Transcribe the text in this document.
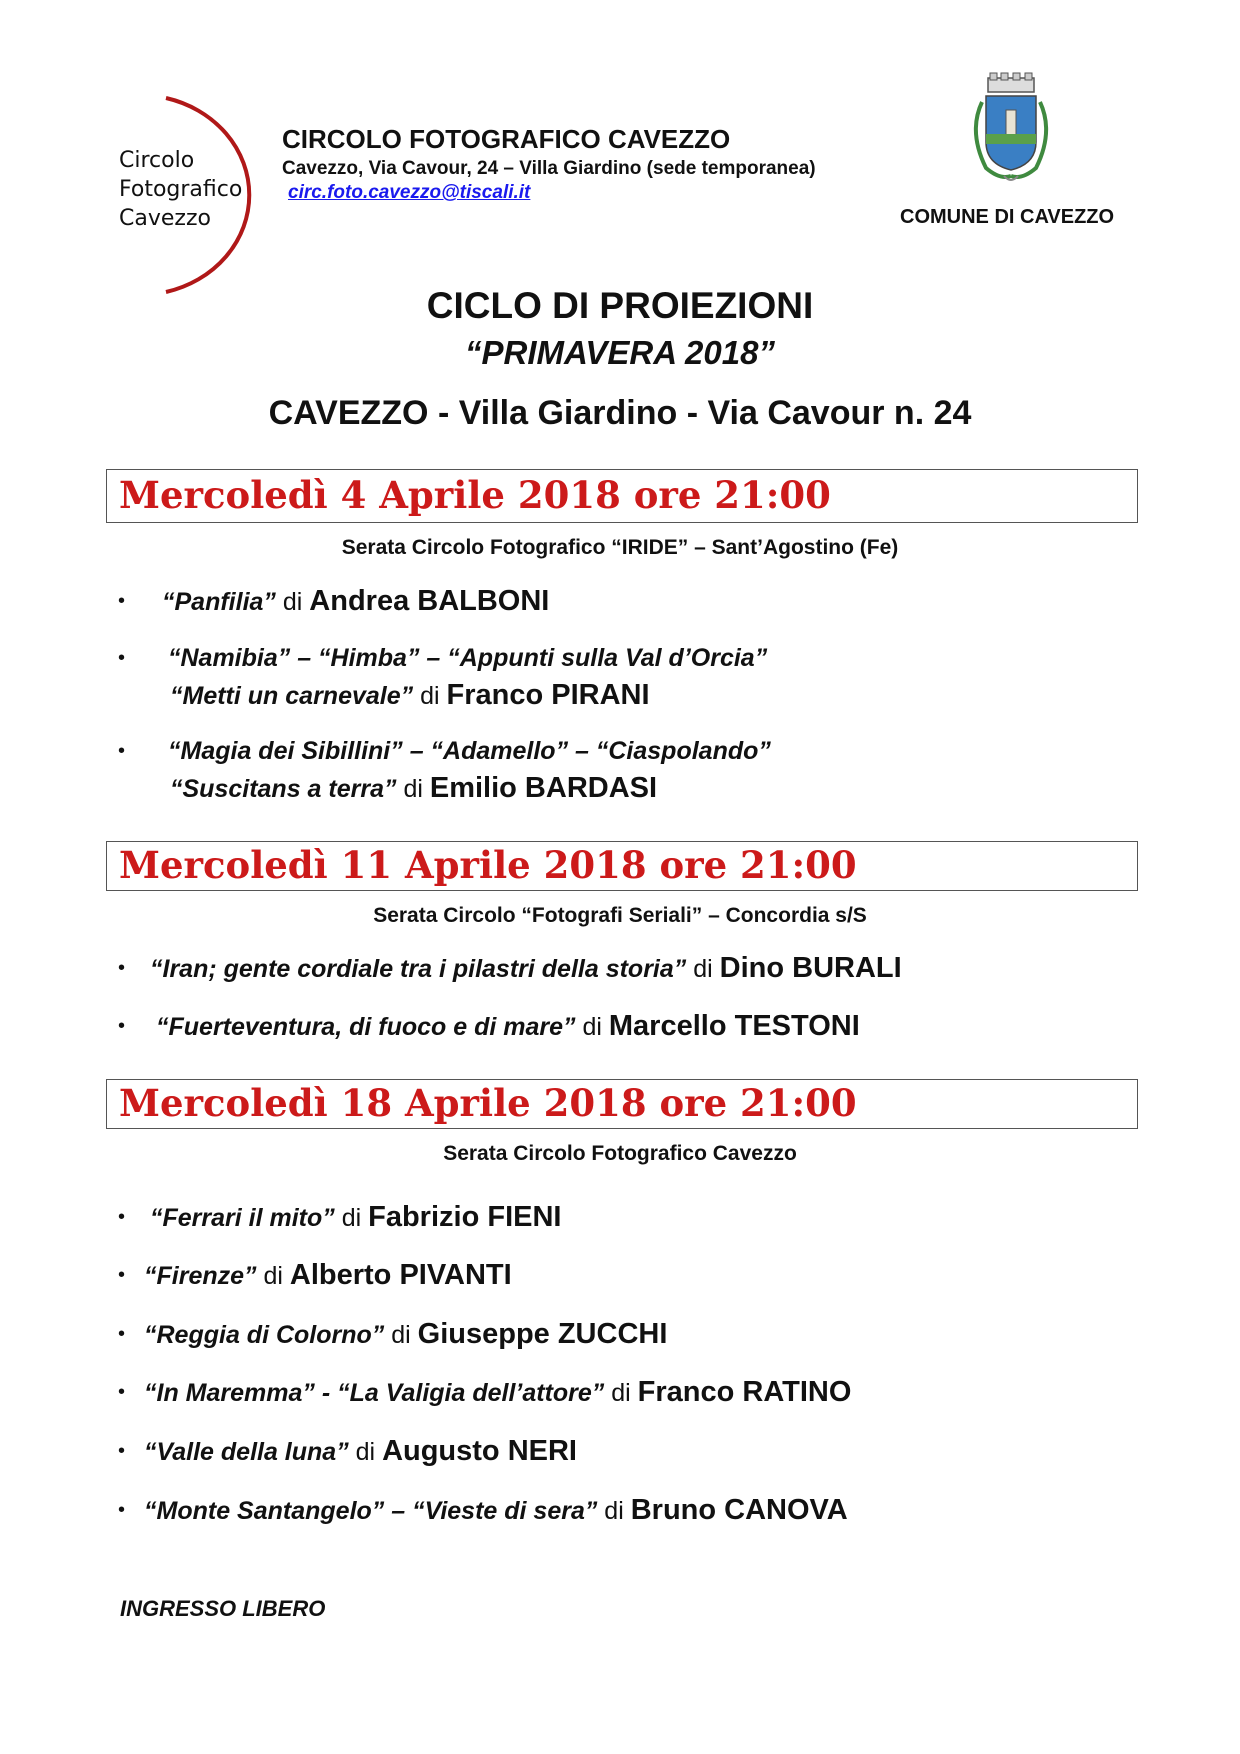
Circolo
Fotografico
Cavezzo
CIRCOLO FOTOGRAFICO CAVEZZO
Cavezzo, Via Cavour, 24 – Villa Giardino (sede temporanea)
circ.foto.cavezzo@tiscali.it
COMUNE DI CAVEZZO
CICLO DI PROIEZIONI
“PRIMAVERA 2018”
CAVEZZO - Villa Giardino - Via Cavour n. 24
Mercoledì 4 Aprile 2018 ore 21:00
Serata Circolo Fotografico “IRIDE” – Sant’Agostino (Fe)
•	“Panfilia” di Andrea BALBONI
•	“Namibia” – “Himba” – “Appunti sulla Val d’Orcia”
“Metti un carnevale” di Franco PIRANI
•	“Magia dei Sibillini” – “Adamello” – “Ciaspolando”
“Suscitans a terra” di Emilio BARDASI
Mercoledì 11 Aprile 2018 ore 21:00
Serata Circolo “Fotografi Seriali” – Concordia s/S
• “Iran; gente cordiale tra i pilastri della storia” di Dino BURALI
•	“Fuerteventura, di fuoco e di mare” di Marcello TESTONI
Mercoledì 18 Aprile 2018 ore 21:00
Serata Circolo Fotografico Cavezzo
• “Ferrari il mito” di Fabrizio FIENI
• “Firenze” di Alberto PIVANTI
• “Reggia di Colorno” di Giuseppe ZUCCHI
• “In Maremma” - “La Valigia dell’attore” di Franco RATINO
• “Valle della luna” di Augusto NERI
• “Monte Santangelo” – “Vieste di sera” di Bruno CANOVA
INGRESSO LIBERO
